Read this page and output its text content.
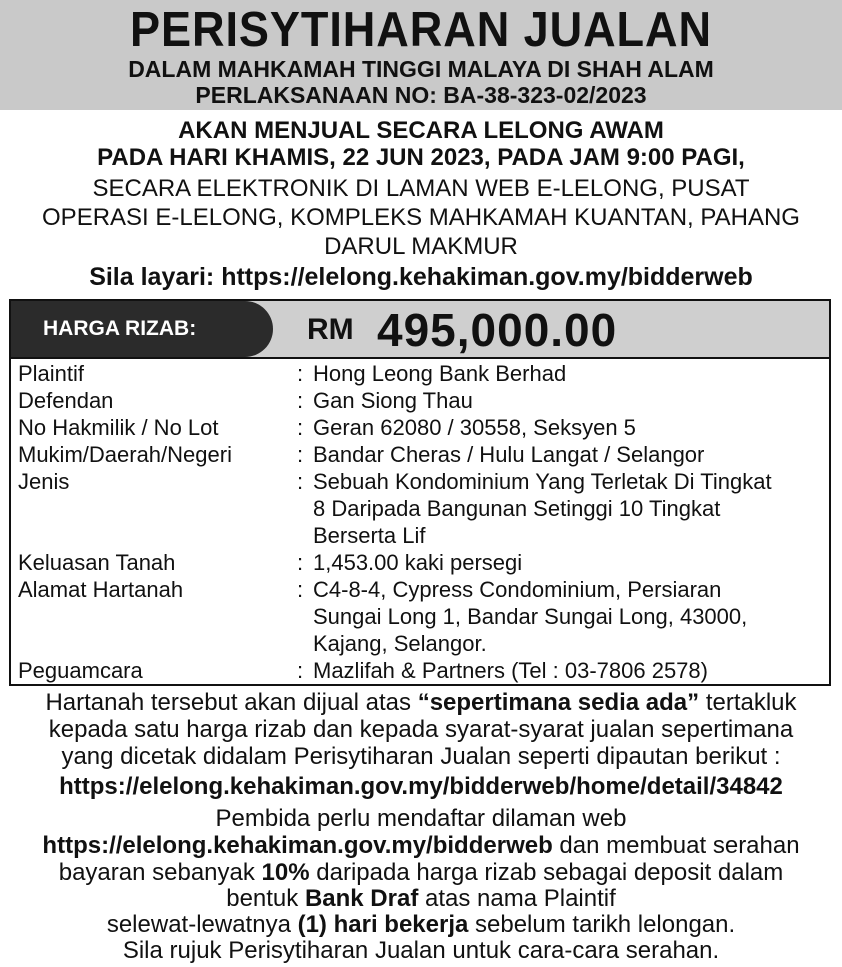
PERISYTIHARAN JUALAN
DALAM MAHKAMAH TINGGI MALAYA DI SHAH ALAM
PERLAKSANAAN NO: BA-38-323-02/2023
AKAN MENJUAL SECARA LELONG AWAM
PADA HARI KHAMIS, 22 JUN 2023, PADA JAM 9:00 PAGI,
SECARA ELEKTRONIK DI LAMAN WEB E-LELONG, PUSAT
OPERASI E-LELONG, KOMPLEKS MAHKAMAH KUANTAN, PAHANG
DARUL MAKMUR
Sila layari: https://elelong.kehakiman.gov.my/bidderweb
HARGA RIZAB:	RM 495,000.00
Plaintif	: Hong Leong Bank Berhad
Defendan	: Gan Siong Thau
No Hakmilik / No Lot	: Geran 62080 / 30558, Seksyen 5
Mukim/Daerah/Negeri	: Bandar Cheras / Hulu Langat / Selangor
Jenis	: Sebuah Kondominium Yang Terletak Di Tingkat
8 Daripada Bangunan Setinggi 10 Tingkat
Berserta Lif
Keluasan Tanah	: 1,453.00 kaki persegi
Alamat Hartanah	: C4-8-4, Cypress Condominium, Persiaran
Sungai Long 1, Bandar Sungai Long, 43000,
Kajang, Selangor.
Peguamcara	: Mazlifah & Partners (Tel : 03-7806 2578)
Hartanah tersebut akan dijual atas “sepertimana sedia ada” tertakluk
kepada satu harga rizab dan kepada syarat-syarat jualan sepertimana
yang dicetak didalam Perisytiharan Jualan seperti dipautan berikut :
https://elelong.kehakiman.gov.my/bidderweb/home/detail/34842
Pembida perlu mendaftar dilaman web
https://elelong.kehakiman.gov.my/bidderweb dan membuat serahan
bayaran sebanyak 10% daripada harga rizab sebagai deposit dalam
bentuk Bank Draf atas nama Plaintif
selewat-lewatnya (1) hari bekerja sebelum tarikh lelongan.
Sila rujuk Perisytiharan Jualan untuk cara-cara serahan.
